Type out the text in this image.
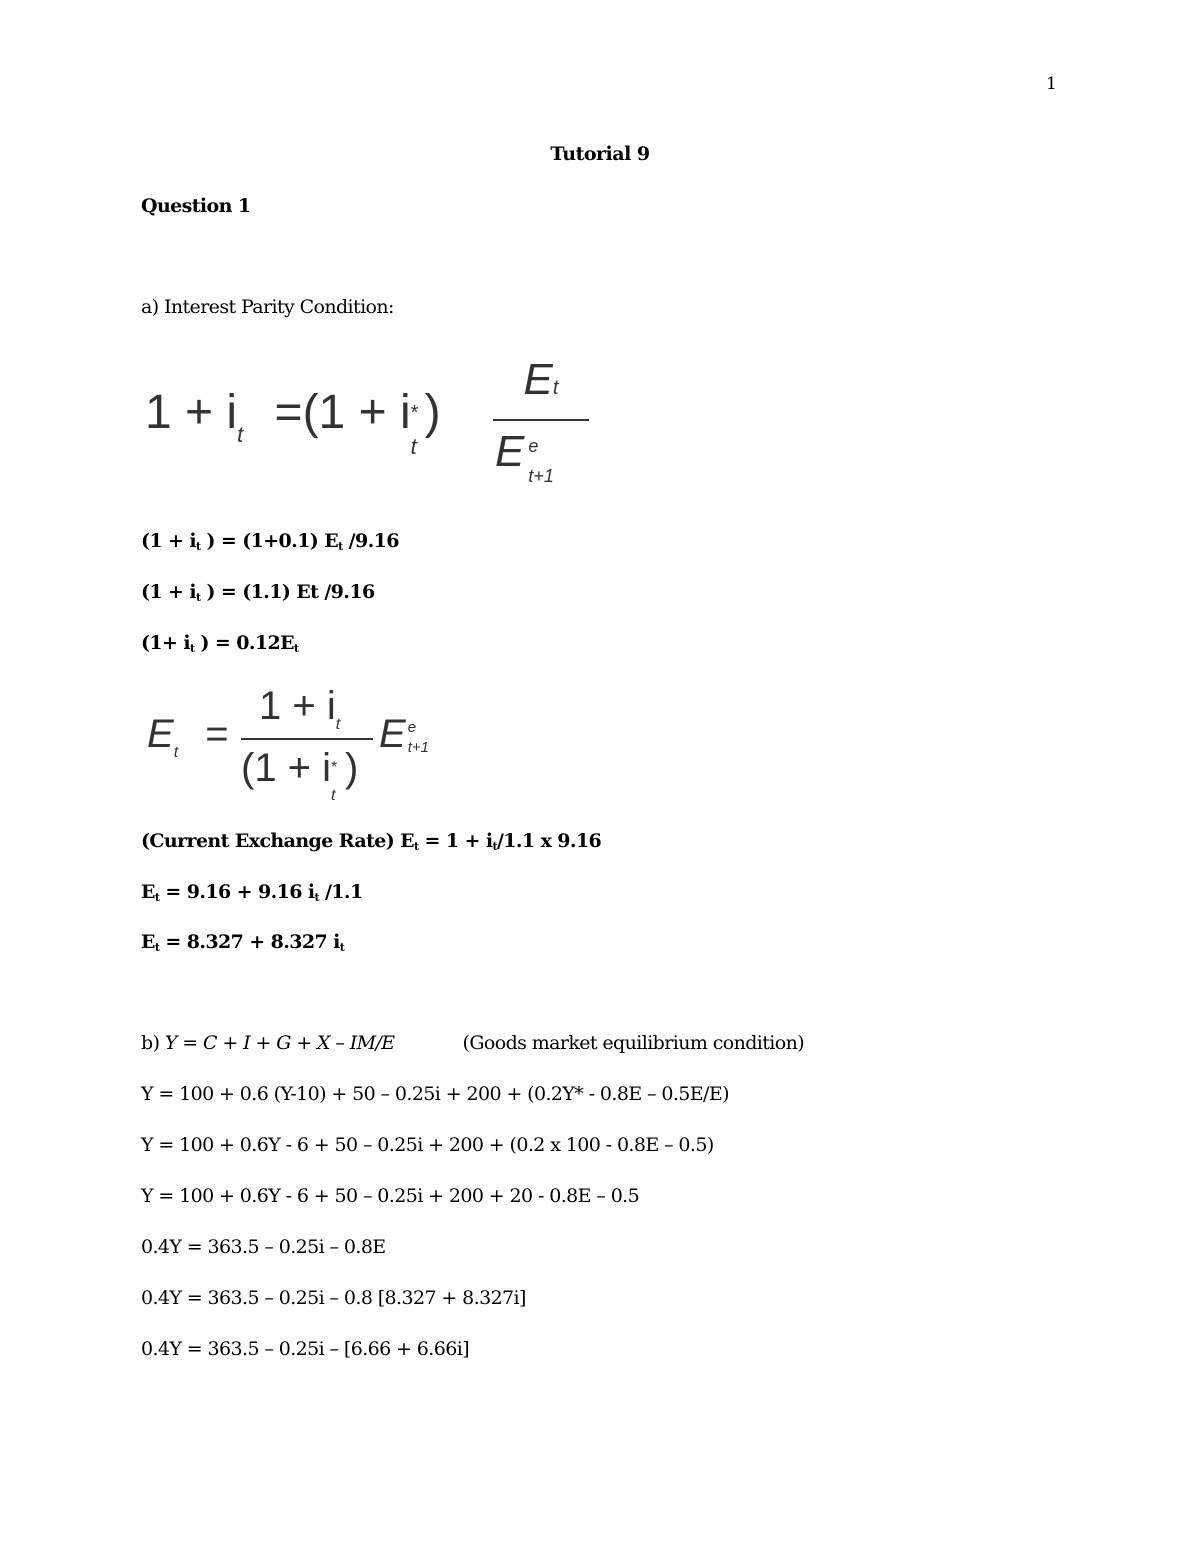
1
Tutorial 9
Question 1
a) Interest Parity Condition:
$1 + i_t =(1 + i$ *
t
)
Et
E e
t+1
(1 + it ) = (1+0.1) Et /9.16
(1 + it ) = (1.1) Et /9.16
(1+ it ) = 0.12Et
$E_t$ =
$1 + i_t$
(1 + i *
t
)
E e
t+1
(Current Exchange Rate) Et = 1 + it/1.1 x 9.16
Et = 9.16 + 9.16 it /1.1
Et = 8.327 + 8.327 it
b) Y = C + I + G + X – IM/E	(Goods market equilibrium condition)
Y = 100 + 0.6 (Y-10) + 50 – 0.25i + 200 + (0.2Y* - 0.8E – 0.5E/E)
Y = 100 + 0.6Y - 6 + 50 – 0.25i + 200 + (0.2 x 100 - 0.8E – 0.5)
Y = 100 + 0.6Y - 6 + 50 – 0.25i + 200 + 20 - 0.8E – 0.5
0.4Y = 363.5 – 0.25i – 0.8E
0.4Y = 363.5 – 0.25i – 0.8 [8.327 + 8.327i]
0.4Y = 363.5 – 0.25i – [6.66 + 6.66i]
